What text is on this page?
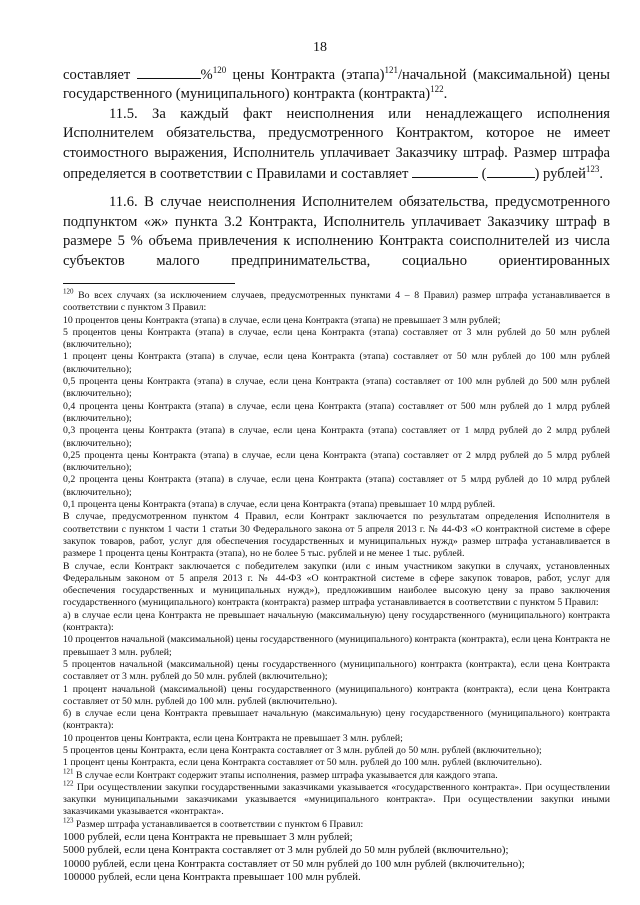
18

составляет	%$^{120}$ цены Контракта (этапа)$^{121}$/начальной (максимальной) цены государственного (муниципального) контракта (контракта)$^{122}$.

11.5. За каждый факт неисполнения или ненадлежащего исполнения Исполнителем обязательства, предусмотренного Контрактом, которое не имеет стоимостного выражения, Исполнитель уплачивает Заказчику штраф. Размер штрафа определяется в соответствии с Правилами и составляет	(	) рублей$^{123}$.

11.6. В случае неисполнения Исполнителем обязательства, предусмотренного подпунктом «ж» пункта 3.2 Контракта, Исполнитель уплачивает Заказчику штраф в размере 5 % объема привлечения к исполнению Контракта соисполнителей из числа субъектов малого предпринимательства, социально ориентированных

$^{120}$ Во всех случаях (за исключением случаев, предусмотренных пунктами 4 – 8 Правил) размер штрафа устанавливается в соответствии с пунктом 3 Правил:

10 процентов цены Контракта (этапа) в случае, если цена Контракта (этапа) не превышает 3 млн рублей;

5 процентов цены Контракта (этапа) в случае, если цена Контракта (этапа) составляет от 3 млн рублей до 50 млн рублей (включительно);

1 процент цены Контракта (этапа) в случае, если цена Контракта (этапа) составляет от 50 млн рублей до 100 млн рублей (включительно);

0,5 процента цены Контракта (этапа) в случае, если цена Контракта (этапа) составляет от 100 млн рублей до 500 млн рублей (включительно);

0,4 процента цены Контракта (этапа) в случае, если цена Контракта (этапа) составляет от 500 млн рублей до 1 млрд рублей (включительно);

0,3 процента цены Контракта (этапа) в случае, если цена Контракта (этапа) составляет от 1 млрд рублей до 2 млрд рублей (включительно);

0,25 процента цены Контракта (этапа) в случае, если цена Контракта (этапа) составляет от 2 млрд рублей до 5 млрд рублей (включительно);

0,2 процента цены Контракта (этапа) в случае, если цена Контракта (этапа) составляет от 5 млрд рублей до 10 млрд рублей (включительно);

0,1 процента цены Контракта (этапа) в случае, если цена Контракта (этапа) превышает 10 млрд рублей.

В случае, предусмотренном пунктом 4 Правил, если Контракт заключается по результатам определения Исполнителя в соответствии с пунктом 1 части 1 статьи 30 Федерального закона от 5 апреля 2013 г. № 44-ФЗ «О контрактной системе в сфере закупок товаров, работ, услуг для обеспечения государственных и муниципальных нужд» размер штрафа устанавливается в размере 1 процента цены Контракта (этапа), но не более 5 тыс. рублей и не менее 1 тыс. рублей.

В случае, если Контракт заключается с победителем закупки (или с иным участником закупки в случаях, установленных Федеральным законом от 5 апреля 2013 г. № 44-ФЗ «О контрактной системе в сфере закупок товаров, работ, услуг для обеспечения государственных и муниципальных нужд»), предложившим наиболее высокую цену за право заключения государственного (муниципального) контракта (контракта) размер штрафа устанавливается в соответствии с пунктом 5 Правил:

а) в случае если цена Контракта не превышает начальную (максимальную) цену государственного (муниципального) контракта (контракта):

10 процентов начальной (максимальной) цены государственного (муниципального) контракта (контракта), если цена Контракта не превышает 3 млн. рублей;

5 процентов начальной (максимальной) цены государственного (муниципального) контракта (контракта), если цена Контракта составляет от 3 млн. рублей до 50 млн. рублей (включительно);

1 процент начальной (максимальной) цены государственного (муниципального) контракта (контракта), если цена Контракта составляет от 50 млн. рублей до 100 млн. рублей (включительно).

б) в случае если цена Контракта превышает начальную (максимальную) цену государственного (муниципального) контракта (контракта):

10 процентов цены Контракта, если цена Контракта не превышает 3 млн. рублей;

5 процентов цены Контракта, если цена Контракта составляет от 3 млн. рублей до 50 млн. рублей (включительно);

1 процент цены Контракта, если цена Контракта составляет от 50 млн. рублей до 100 млн. рублей (включительно).

$^{121}$ В случае если Контракт содержит этапы исполнения, размер штрафа указывается для каждого этапа.

$^{122}$ При осуществлении закупки государственными заказчиками указывается «государственного контракта». При осуществлении закупки муниципальными заказчиками указывается «муниципального контракта». При осуществлении закупки иными заказчиками указывается «контракта».

$^{123}$ Размер штрафа устанавливается в соответствии с пунктом 6 Правил:

1000 рублей, если цена Контракта не превышает 3 млн рублей;

5000 рублей, если цена Контракта составляет от 3 млн рублей до 50 млн рублей (включительно);

10000 рублей, если цена Контракта составляет от 50 млн рублей до 100 млн рублей (включительно);

100000 рублей, если цена Контракта превышает 100 млн рублей.
